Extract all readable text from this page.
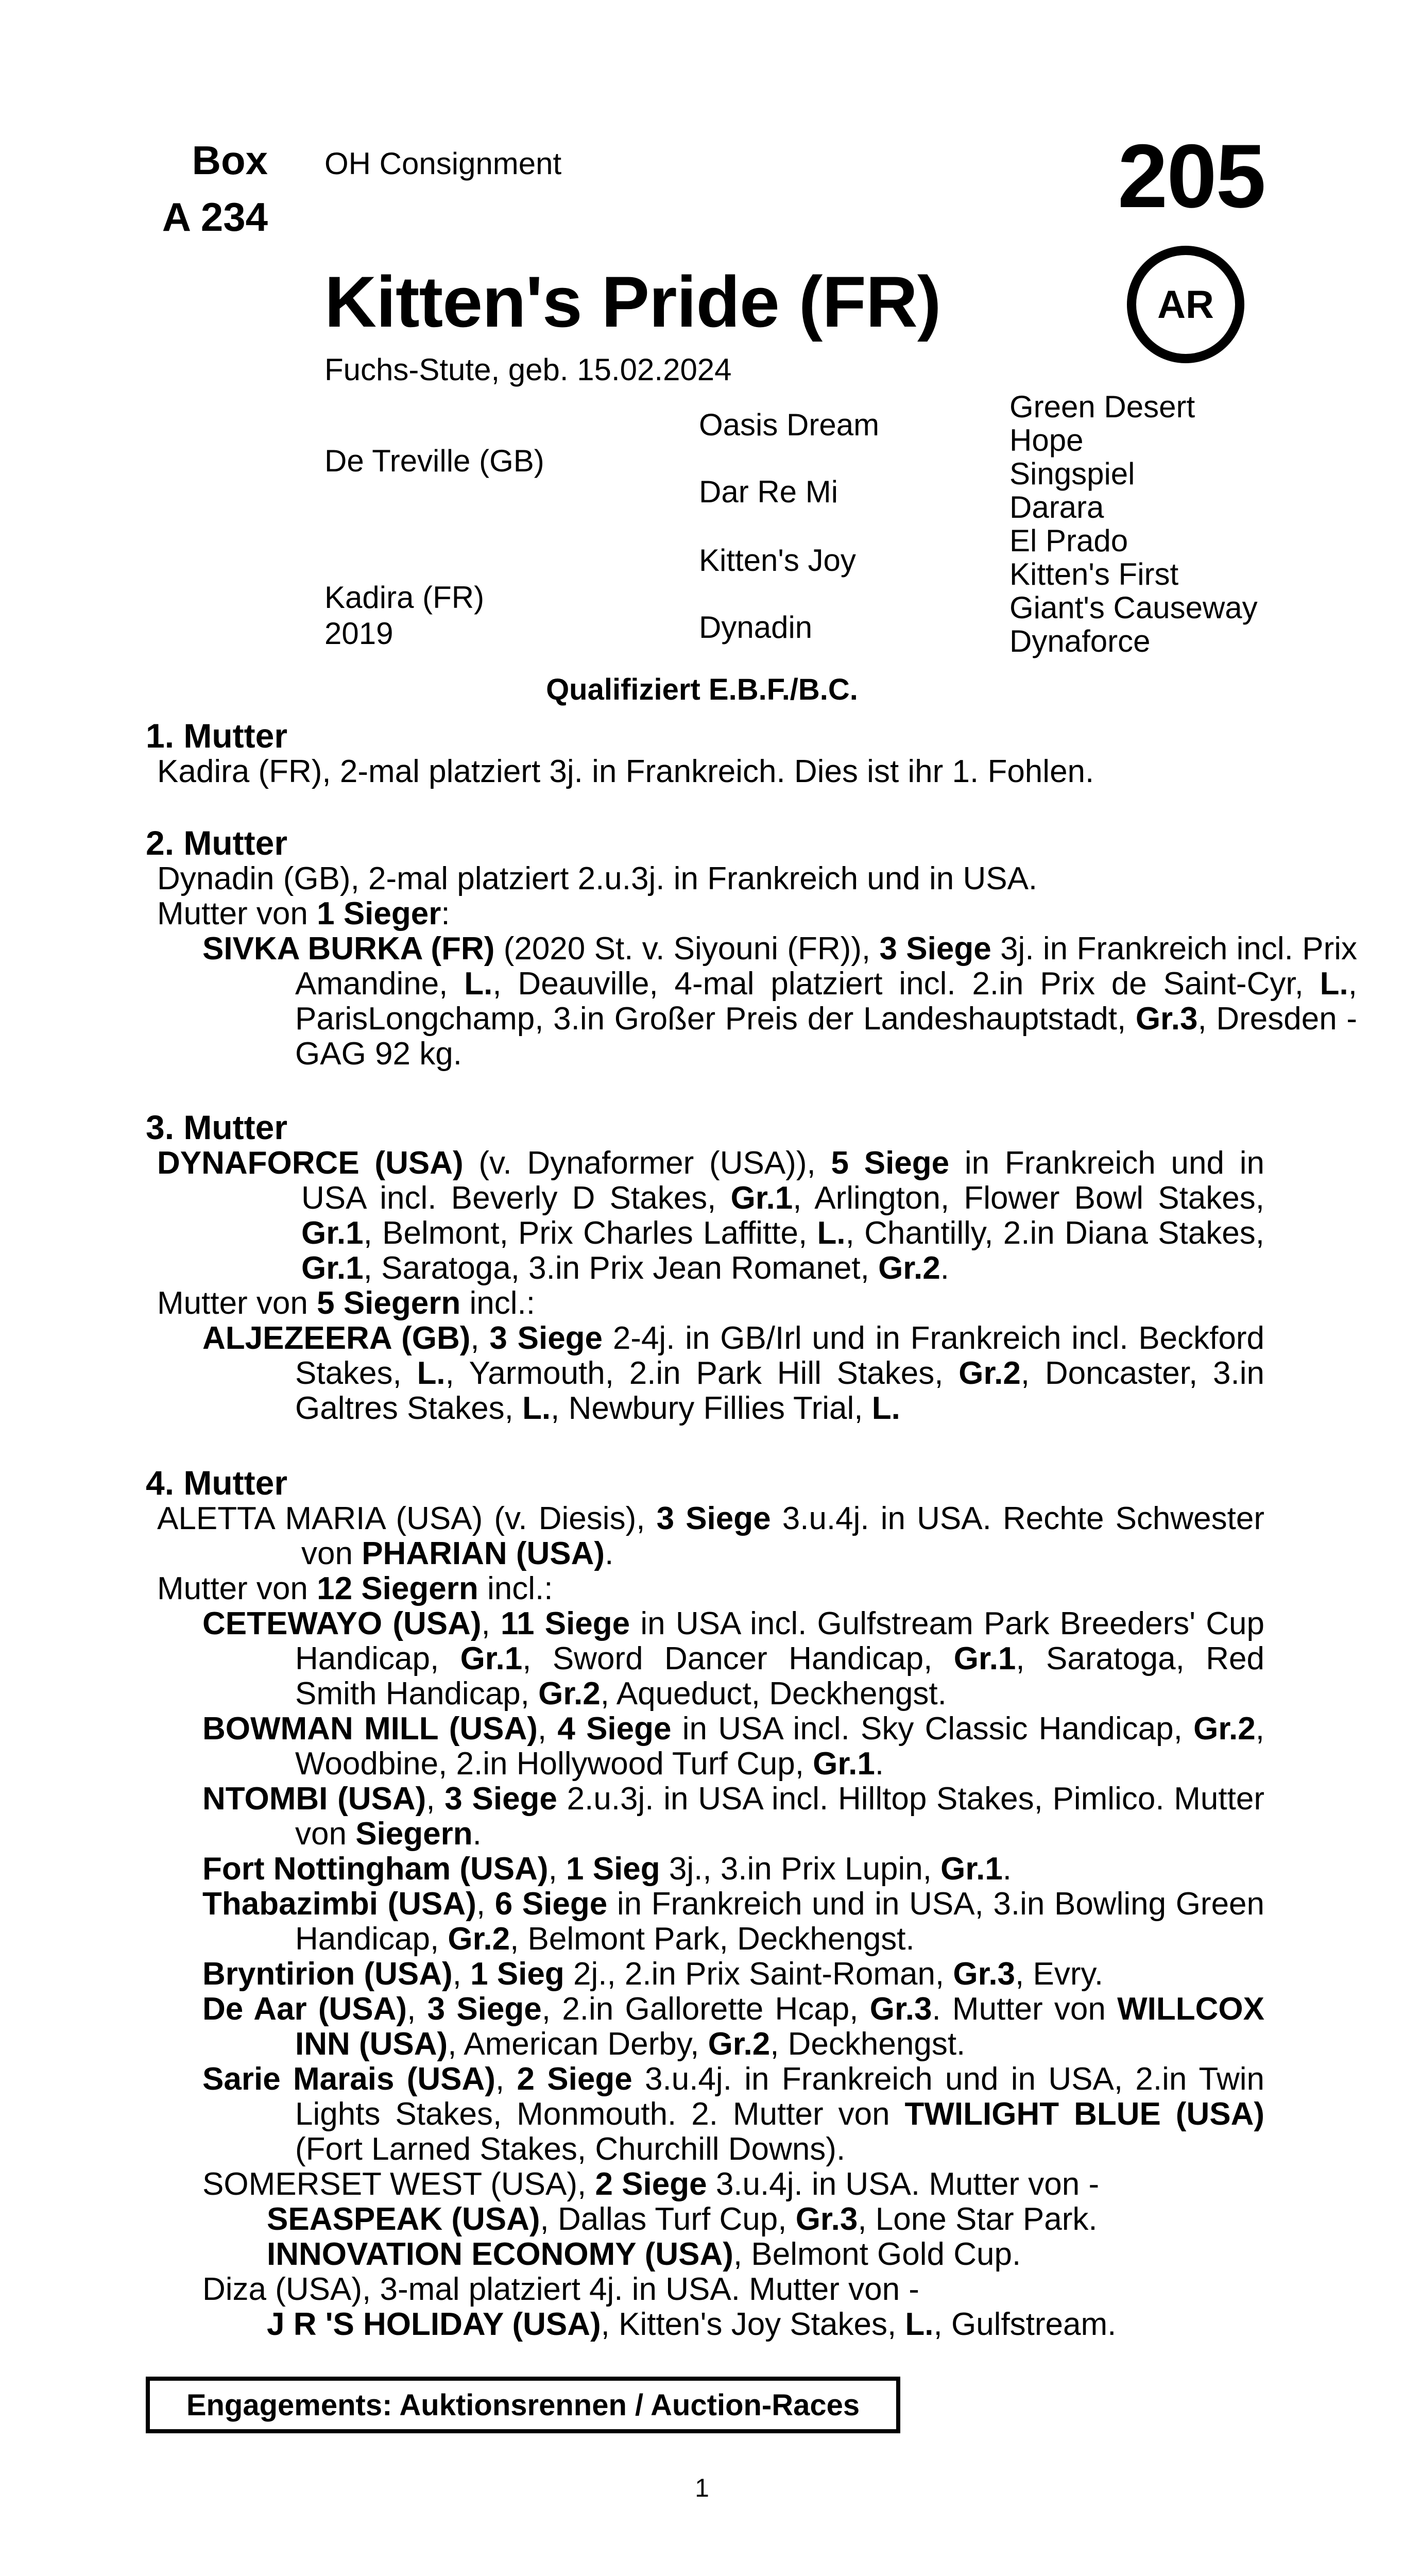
Box
A 234
OH Consignment	205
AR
Kitten's Pride (FR)
Fuchs-Stute, geb. 15.02.2024
De Treville (GB)
Kadira (FR)
2019
Oasis Dream
Dar Re Mi
Kitten's Joy
Dynadin
Green Desert
Hope
Singspiel
Darara
El Prado
Kitten's First
Giant's Causeway
Dynaforce
Qualifiziert E.B.F./B.C.
1. Mutter
Kadira (FR), 2-mal platziert 3j. in Frankreich. Dies ist ihr 1. Fohlen.
2. Mutter
Dynadin (GB), 2-mal platziert 2.u.3j. in Frankreich und in USA.
Mutter von 1 Sieger:
SIVKA BURKA (FR) (2020 St. v. Siyouni (FR)), 3 Siege 3j. in Frankreich incl. Prix Amandine, L., Deauville, 4-mal platziert incl. 2.in Prix de Saint-Cyr, L., ParisLongchamp, 3.in Großer Preis der Landeshauptstadt, Gr.3, Dresden - GAG 92 kg.
3. Mutter
DYNAFORCE (USA) (v. Dynaformer (USA)), 5 Siege in Frankreich und in USA incl. Beverly D Stakes, Gr.1, Arlington, Flower Bowl Stakes, Gr.1, Belmont, Prix Charles Laffitte, L., Chantilly, 2.in Diana Stakes, Gr.1, Saratoga, 3.in Prix Jean Romanet, Gr.2.
Mutter von 5 Siegern incl.:
ALJEZEERA (GB), 3 Siege 2-4j. in GB/Irl und in Frankreich incl. Beckford Stakes, L., Yarmouth, 2.in Park Hill Stakes, Gr.2, Doncaster, 3.in Galtres Stakes, L., Newbury Fillies Trial, L.
4. Mutter
ALETTA MARIA (USA) (v. Diesis), 3 Siege 3.u.4j. in USA. Rechte Schwester von PHARIAN (USA).
Mutter von 12 Siegern incl.:
CETEWAYO (USA), 11 Siege in USA incl. Gulfstream Park Breeders' Cup Handicap, Gr.1, Sword Dancer Handicap, Gr.1, Saratoga, Red Smith Handicap, Gr.2, Aqueduct, Deckhengst.
BOWMAN MILL (USA), 4 Siege in USA incl. Sky Classic Handicap, Gr.2, Woodbine, 2.in Hollywood Turf Cup, Gr.1.
NTOMBI (USA), 3 Siege 2.u.3j. in USA incl. Hilltop Stakes, Pimlico. Mutter von Siegern.
Fort Nottingham (USA), 1 Sieg 3j., 3.in Prix Lupin, Gr.1.
Thabazimbi (USA), 6 Siege in Frankreich und in USA, 3.in Bowling Green Handicap, Gr.2, Belmont Park, Deckhengst.
Bryntirion (USA), 1 Sieg 2j., 2.in Prix Saint-Roman, Gr.3, Evry.
De Aar (USA), 3 Siege, 2.in Gallorette Hcap, Gr.3. Mutter von WILLCOX INN (USA), American Derby, Gr.2, Deckhengst.
Sarie Marais (USA), 2 Siege 3.u.4j. in Frankreich und in USA, 2.in Twin Lights Stakes, Monmouth. 2. Mutter von TWILIGHT BLUE (USA) (Fort Larned Stakes, Churchill Downs).
SOMERSET WEST (USA), 2 Siege 3.u.4j. in USA. Mutter von -
SEASPEAK (USA), Dallas Turf Cup, Gr.3, Lone Star Park.
INNOVATION ECONOMY (USA), Belmont Gold Cup.
Diza (USA), 3-mal platziert 4j. in USA. Mutter von -
J R 'S HOLIDAY (USA), Kitten's Joy Stakes, L., Gulfstream.
Engagements: Auktionsrennen / Auction-Races
1
